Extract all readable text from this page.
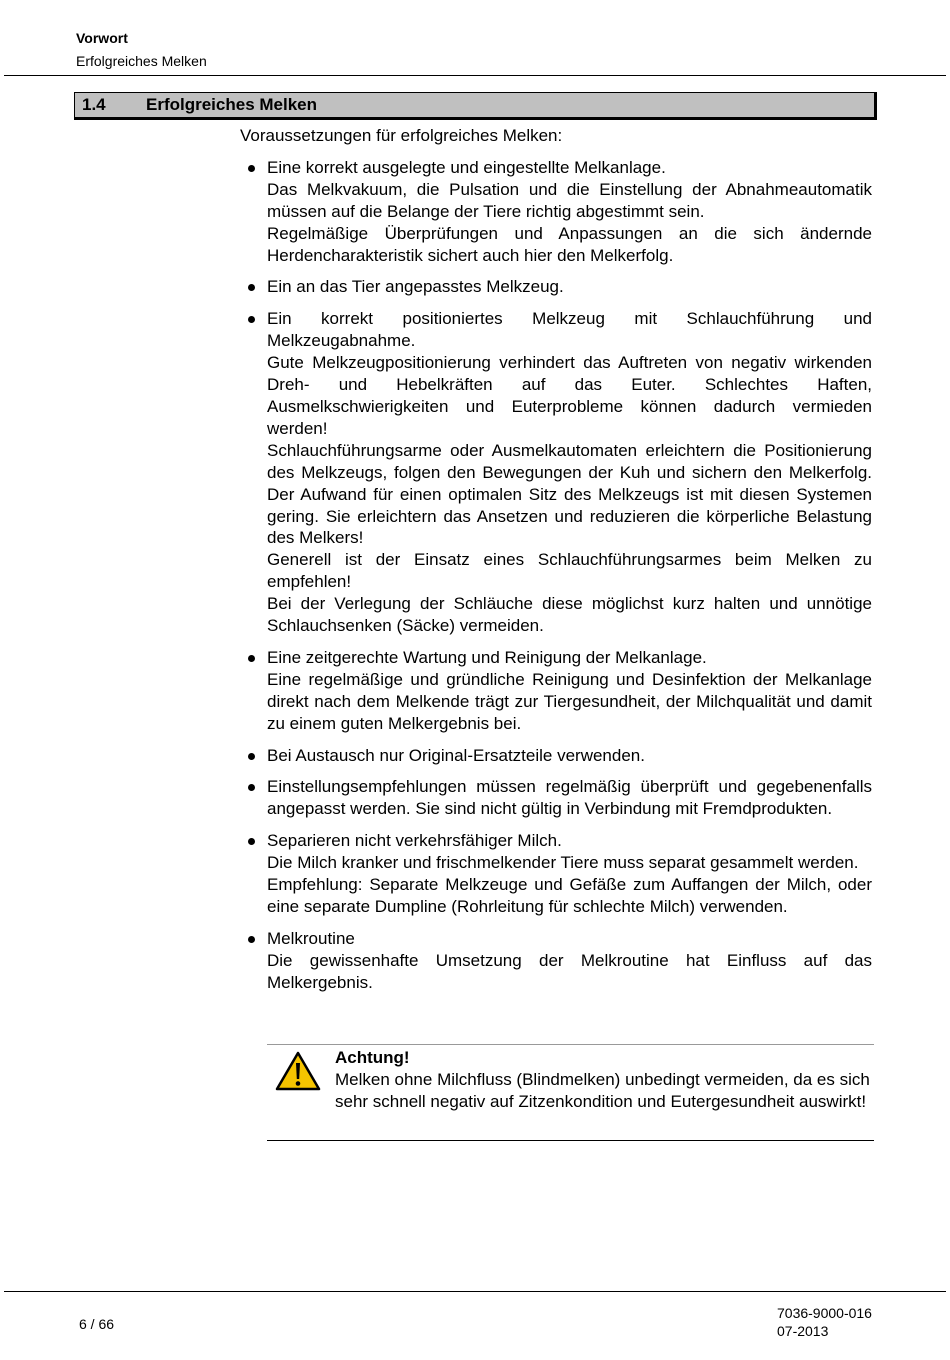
Vorwort
Erfolgreiches Melken
1.4 Erfolgreiches Melken
Voraussetzungen für erfolgreiches Melken:
Eine korrekt ausgelegte und eingestellte Melkanlage.
Das Melkvakuum, die Pulsation und die Einstellung der Abnahmeautomatik müssen auf die Belange der Tiere richtig abgestimmt sein.
Regelmäßige Überprüfungen und Anpassungen an die sich ändernde Herdencharakteristik sichert auch hier den Melkerfolg.
Ein an das Tier angepasstes Melkzeug.
Ein korrekt positioniertes Melkzeug mit Schlauchführung und Melkzeugabnahme.
Gute Melkzeugpositionierung verhindert das Auftreten von negativ wirkenden Dreh- und Hebelkräften auf das Euter. Schlechtes Haften, Ausmelkschwierigkeiten und Euterprobleme können dadurch vermieden werden!
Schlauchführungsarme oder Ausmelkautomaten erleichtern die Positionierung des Melkzeugs, folgen den Bewegungen der Kuh und sichern den Melkerfolg. Der Aufwand für einen optimalen Sitz des Melkzeugs ist mit diesen Systemen gering. Sie erleichtern das Ansetzen und reduzieren die körperliche Belastung des Melkers!
Generell ist der Einsatz eines Schlauchführungsarmes beim Melken zu empfehlen!
Bei der Verlegung der Schläuche diese möglichst kurz halten und unnötige Schlauchsenken (Säcke) vermeiden.
Eine zeitgerechte Wartung und Reinigung der Melkanlage.
Eine regelmäßige und gründliche Reinigung und Desinfektion der Melkanlage direkt nach dem Melkende trägt zur Tiergesundheit, der Milchqualität und damit zu einem guten Melkergebnis bei.
Bei Austausch nur Original-Ersatzteile verwenden.
Einstellungsempfehlungen müssen regelmäßig überprüft und gegebenenfalls angepasst werden. Sie sind nicht gültig in Verbindung mit Fremdprodukten.
Separieren nicht verkehrsfähiger Milch.
Die Milch kranker und frischmelkender Tiere muss separat gesammelt werden.
Empfehlung: Separate Melkzeuge und Gefäße zum Auffangen der Milch, oder eine separate Dumpline (Rohrleitung für schlechte Milch) verwenden.
Melkroutine
Die gewissenhafte Umsetzung der Melkroutine hat Einfluss auf das Melkergebnis.
Achtung!
Melken ohne Milchfluss (Blindmelken) unbedingt vermeiden, da es sich sehr schnell negativ auf Zitzenkondition und Eutergesundheit auswirkt!
6 / 66
7036-9000-016
07-2013
